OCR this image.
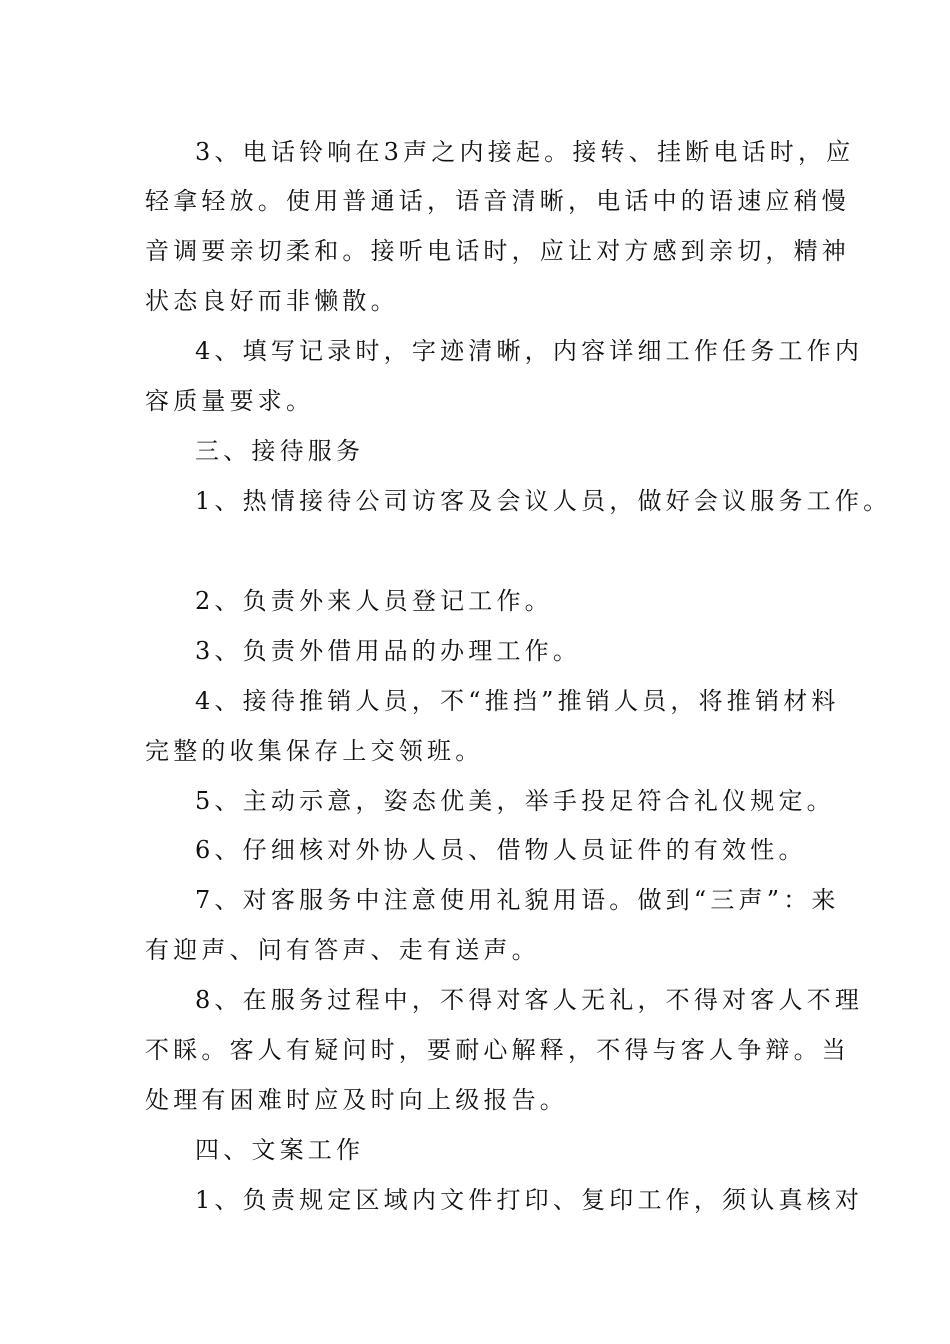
3、电话铃响在3声之内接起。接转、挂断电话时，应
轻拿轻放。使用普通话，语音清晰，电话中的语速应稍慢
音调要亲切柔和。接听电话时，应让对方感到亲切，精神
状态良好而非懒散。
4、填写记录时，字迹清晰，内容详细工作任务工作内
容质量要求。
三、接待服务
1、热情接待公司访客及会议人员，做好会议服务工作。
2、负责外来人员登记工作。
3、负责外借用品的办理工作。
4、接待推销人员，不“推挡”推销人员，将推销材料
完整的收集保存上交领班。
5、主动示意，姿态优美，举手投足符合礼仪规定。
6、仔细核对外协人员、借物人员证件的有效性。
7、对客服务中注意使用礼貌用语。做到“三声”：来
有迎声、问有答声、走有送声。
8、在服务过程中，不得对客人无礼，不得对客人不理
不睬。客人有疑问时，要耐心解释，不得与客人争辩。当
处理有困难时应及时向上级报告。
四、文案工作
1、负责规定区域内文件打印、复印工作，须认真核对
